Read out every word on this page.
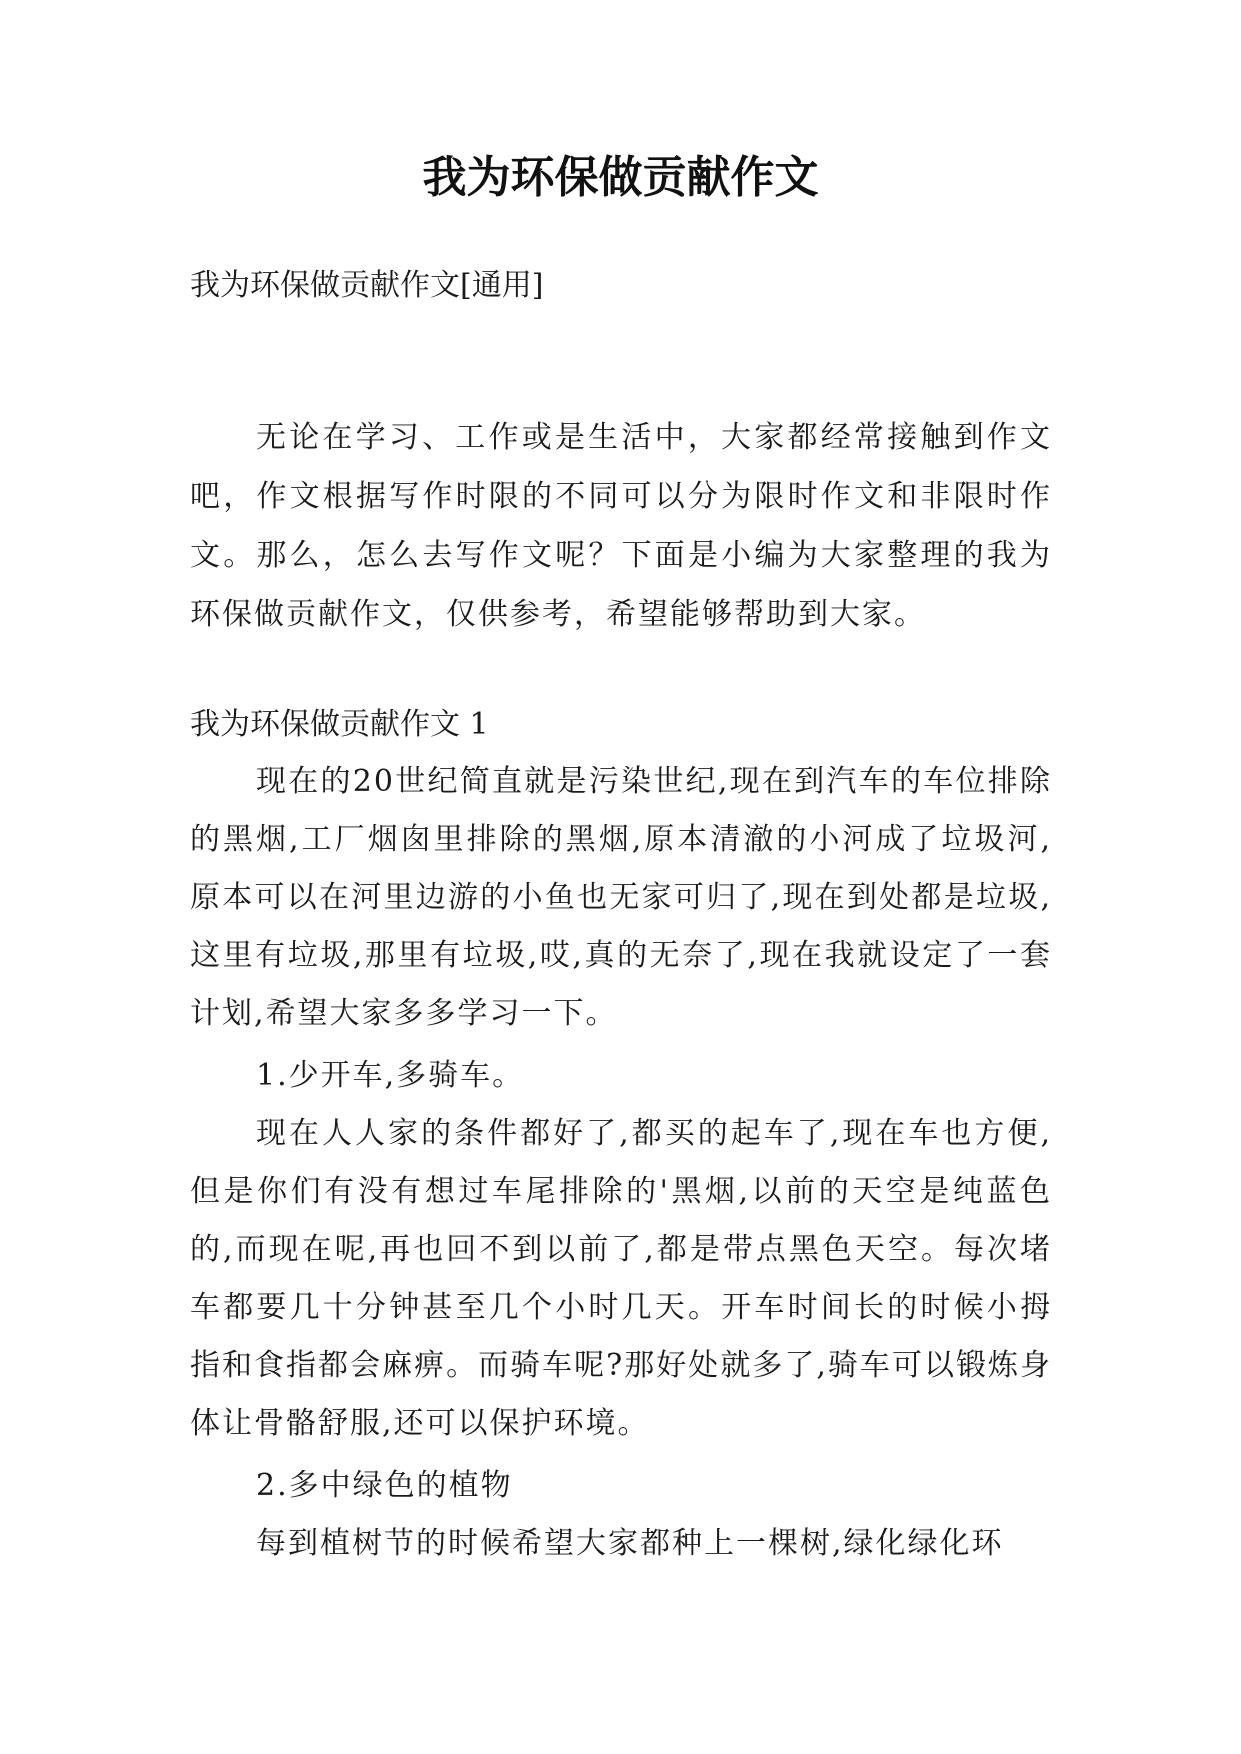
我为环保做贡献作文
我为环保做贡献作文[通用]
无论在学习、工作或是生活中，大家都经常接触到作文吧，作文根据写作时限的不同可以分为限时作文和非限时作文。那么，怎么去写作文呢？下面是小编为大家整理的我为环保做贡献作文，仅供参考，希望能够帮助到大家。
我为环保做贡献作文 1
现在的20世纪简直就是污染世纪,现在到汽车的车位排除的黑烟,工厂烟囱里排除的黑烟,原本清澈的小河成了垃圾河,原本可以在河里边游的小鱼也无家可归了,现在到处都是垃圾,这里有垃圾,那里有垃圾,哎,真的无奈了,现在我就设定了一套计划,希望大家多多学习一下。
1.少开车,多骑车。
现在人人家的条件都好了,都买的起车了,现在车也方便,但是你们有没有想过车尾排除的'黑烟,以前的天空是纯蓝色的,而现在呢,再也回不到以前了,都是带点黑色天空。每次堵车都要几十分钟甚至几个小时几天。开车时间长的时候小拇指和食指都会麻痹。而骑车呢?那好处就多了,骑车可以锻炼身体让骨骼舒服,还可以保护环境。
2.多中绿色的植物
每到植树节的时候希望大家都种上一棵树,绿化绿化环
